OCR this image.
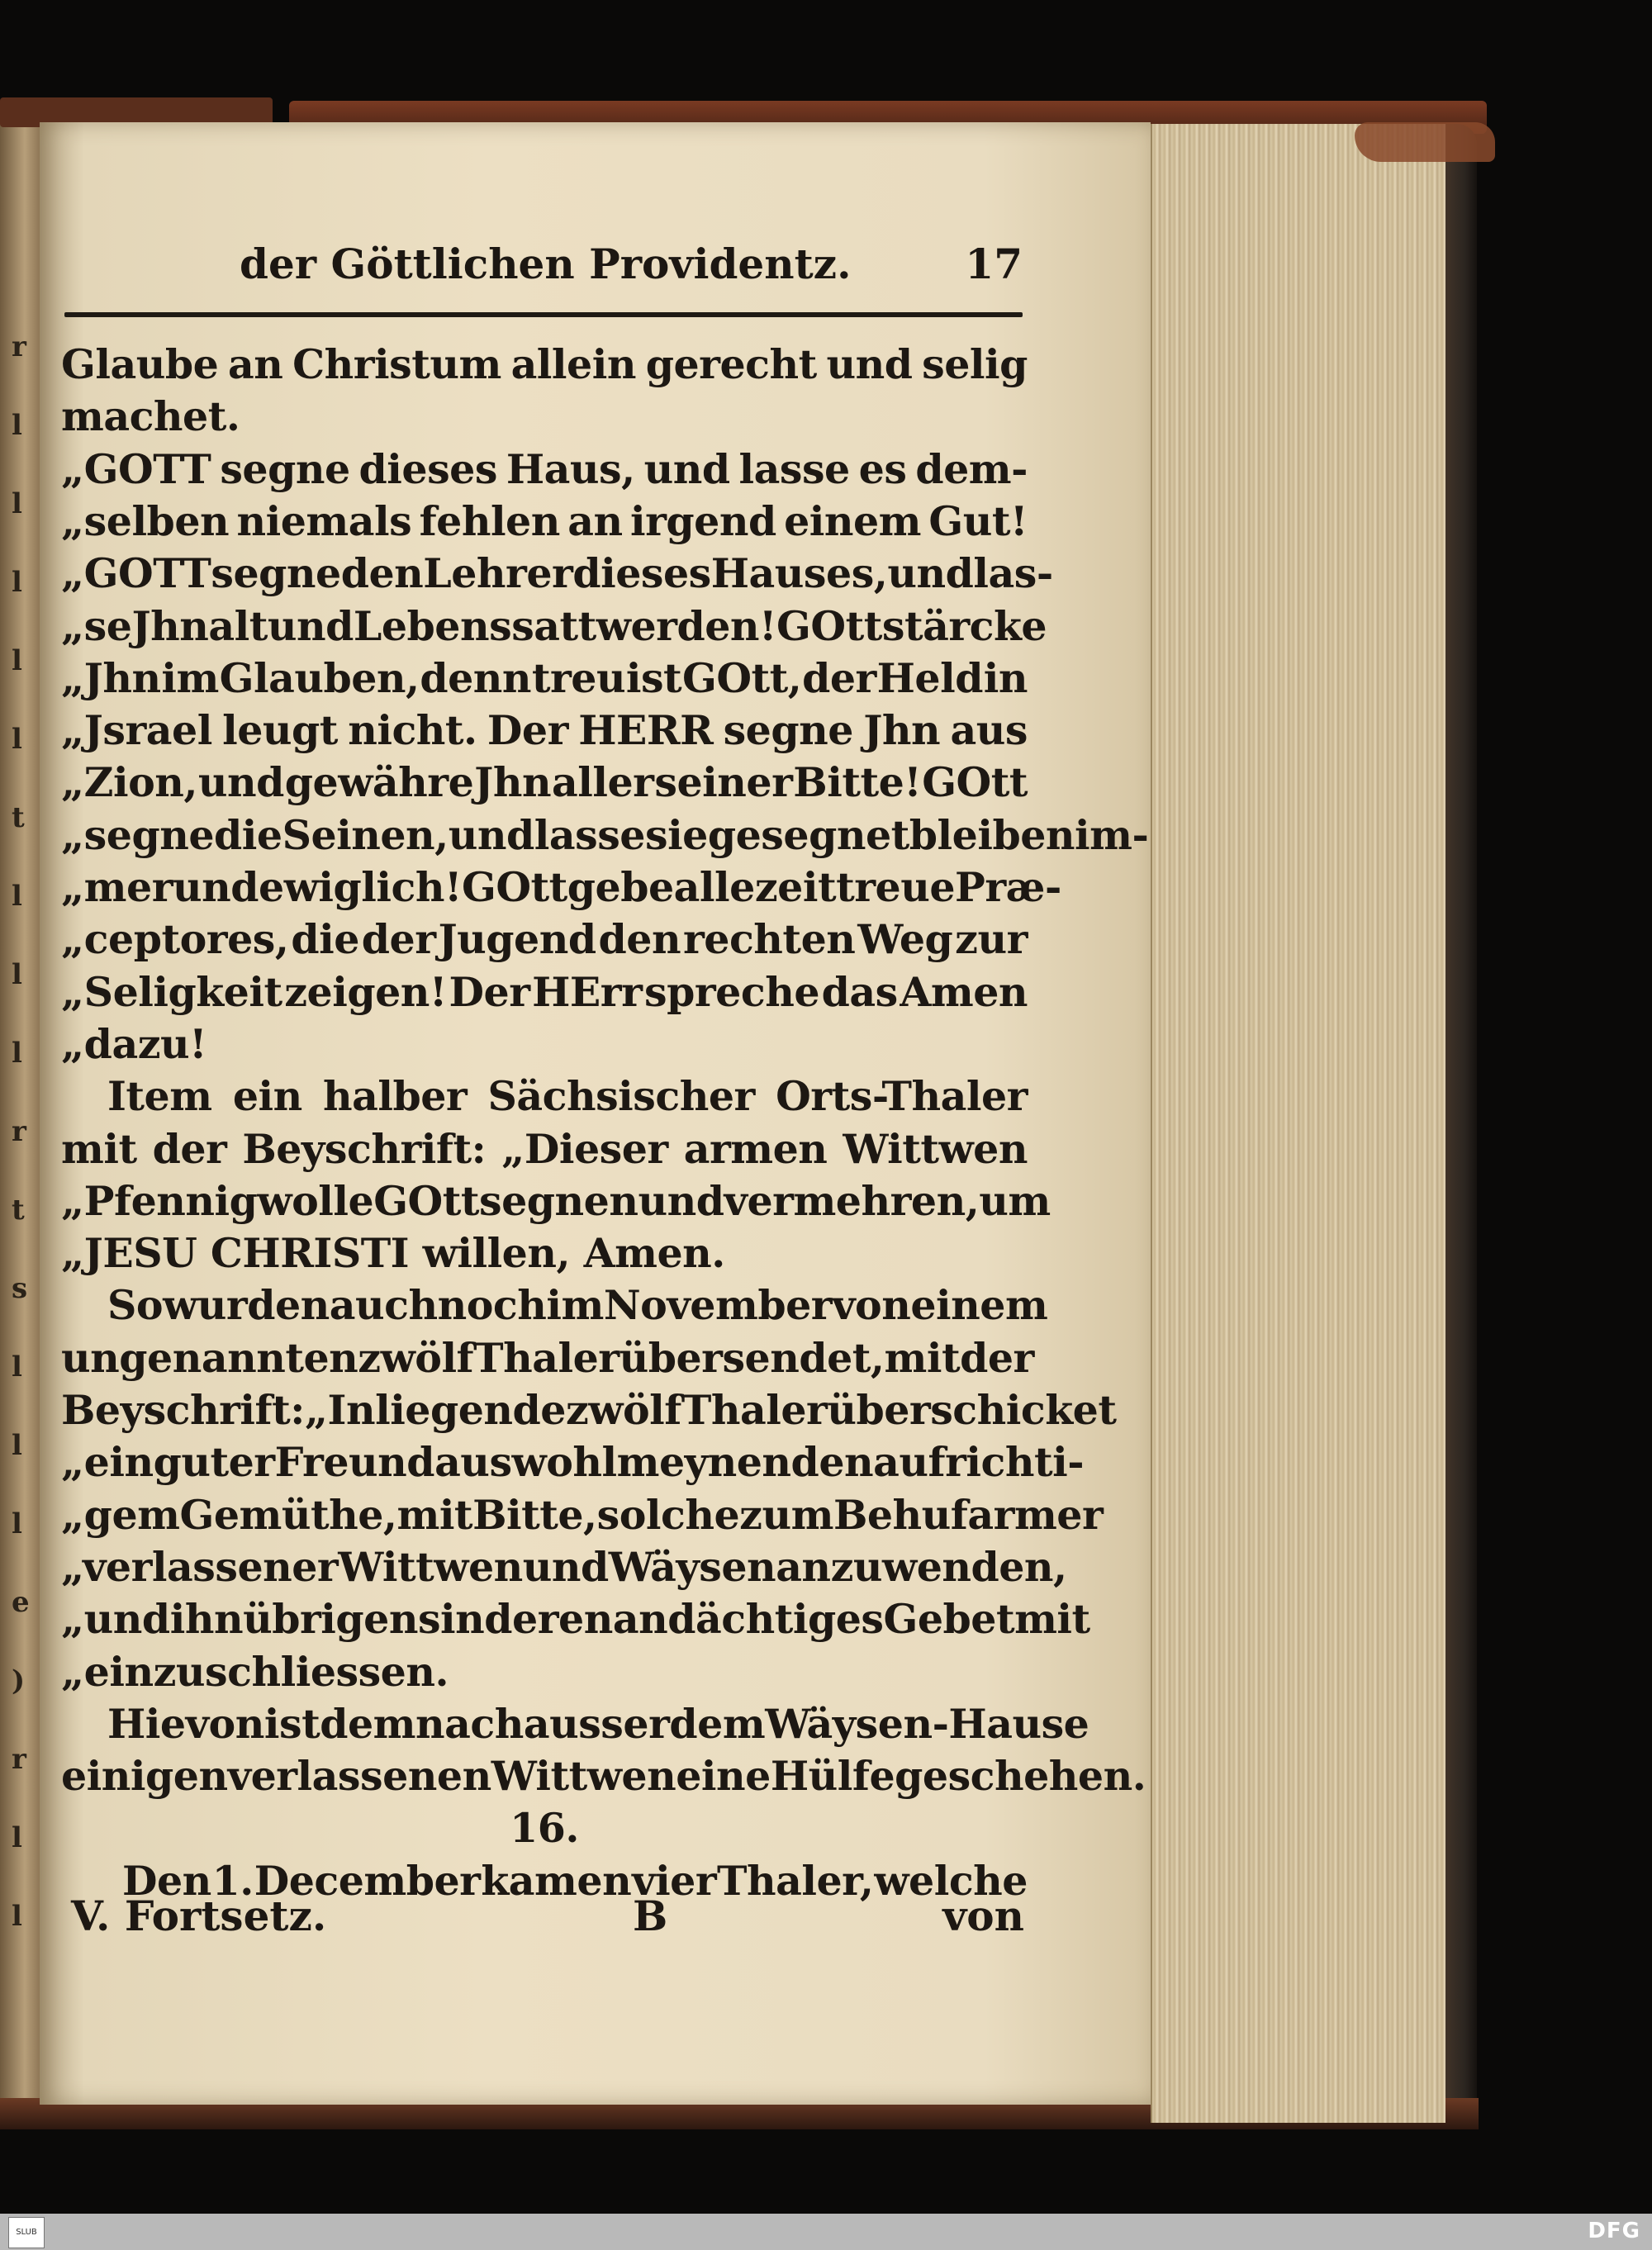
r
l
l
l
l
l
t
l
l
l
r
t
s
l
l
l
e
)
r
l
l
der Göttlichen Providentz.	17
Glaube an Christum allein gerecht und selig
machet.
„GOTT segne dieses Haus, und lasse es dem-
„selben niemals fehlen an irgend einem Gut!
„GOTT segne den Lehrer dieses Hauses, und las-
„se Jhn alt und Lebens satt werden! GOtt stärcke
„Jhn im Glauben, denn treu ist GOtt, der Held in
„Jsrael leugt nicht. Der HERR segne Jhn aus
„Zion, und gewähre Jhn aller seiner Bitte! GOtt
„segne die Seinen, und lasse sie gesegnet bleiben im-
„mer und ewiglich! GOtt gebe allezeit treue Præ-
„ceptores, die der Jugend den rechten Weg zur
„Seligkeit zeigen! Der HErr spreche das Amen
„dazu!
Item ein halber Sächsischer Orts-Thaler
mit der Beyschrift: „Dieser armen Wittwen
„Pfennig wolle GOtt segnen und vermehren, um
„JESU CHRISTI willen, Amen.
So wurden auch noch im November von einem
ungenannten zwölf Thaler übersendet, mit der
Beyschrift: „Inliegende zwölf Thaler überschicket
„ein guter Freund aus wohlmeynenden aufrichti-
„gem Gemüthe, mit Bitte, solche zum Behuf armer
„verlassener Wittwen und Wäysen anzuwenden,
„und ihn übrigens in deren andächtiges Gebet mit
„einzuschliessen.
Hievon ist demnach ausser dem Wäysen-Hause
einigen verlassenen Wittwen eine Hülfe geschehen.
16.
Den 1. December kamen vier Thaler, welche
V. Fortsetz.	B	von
SLUB	DFG
